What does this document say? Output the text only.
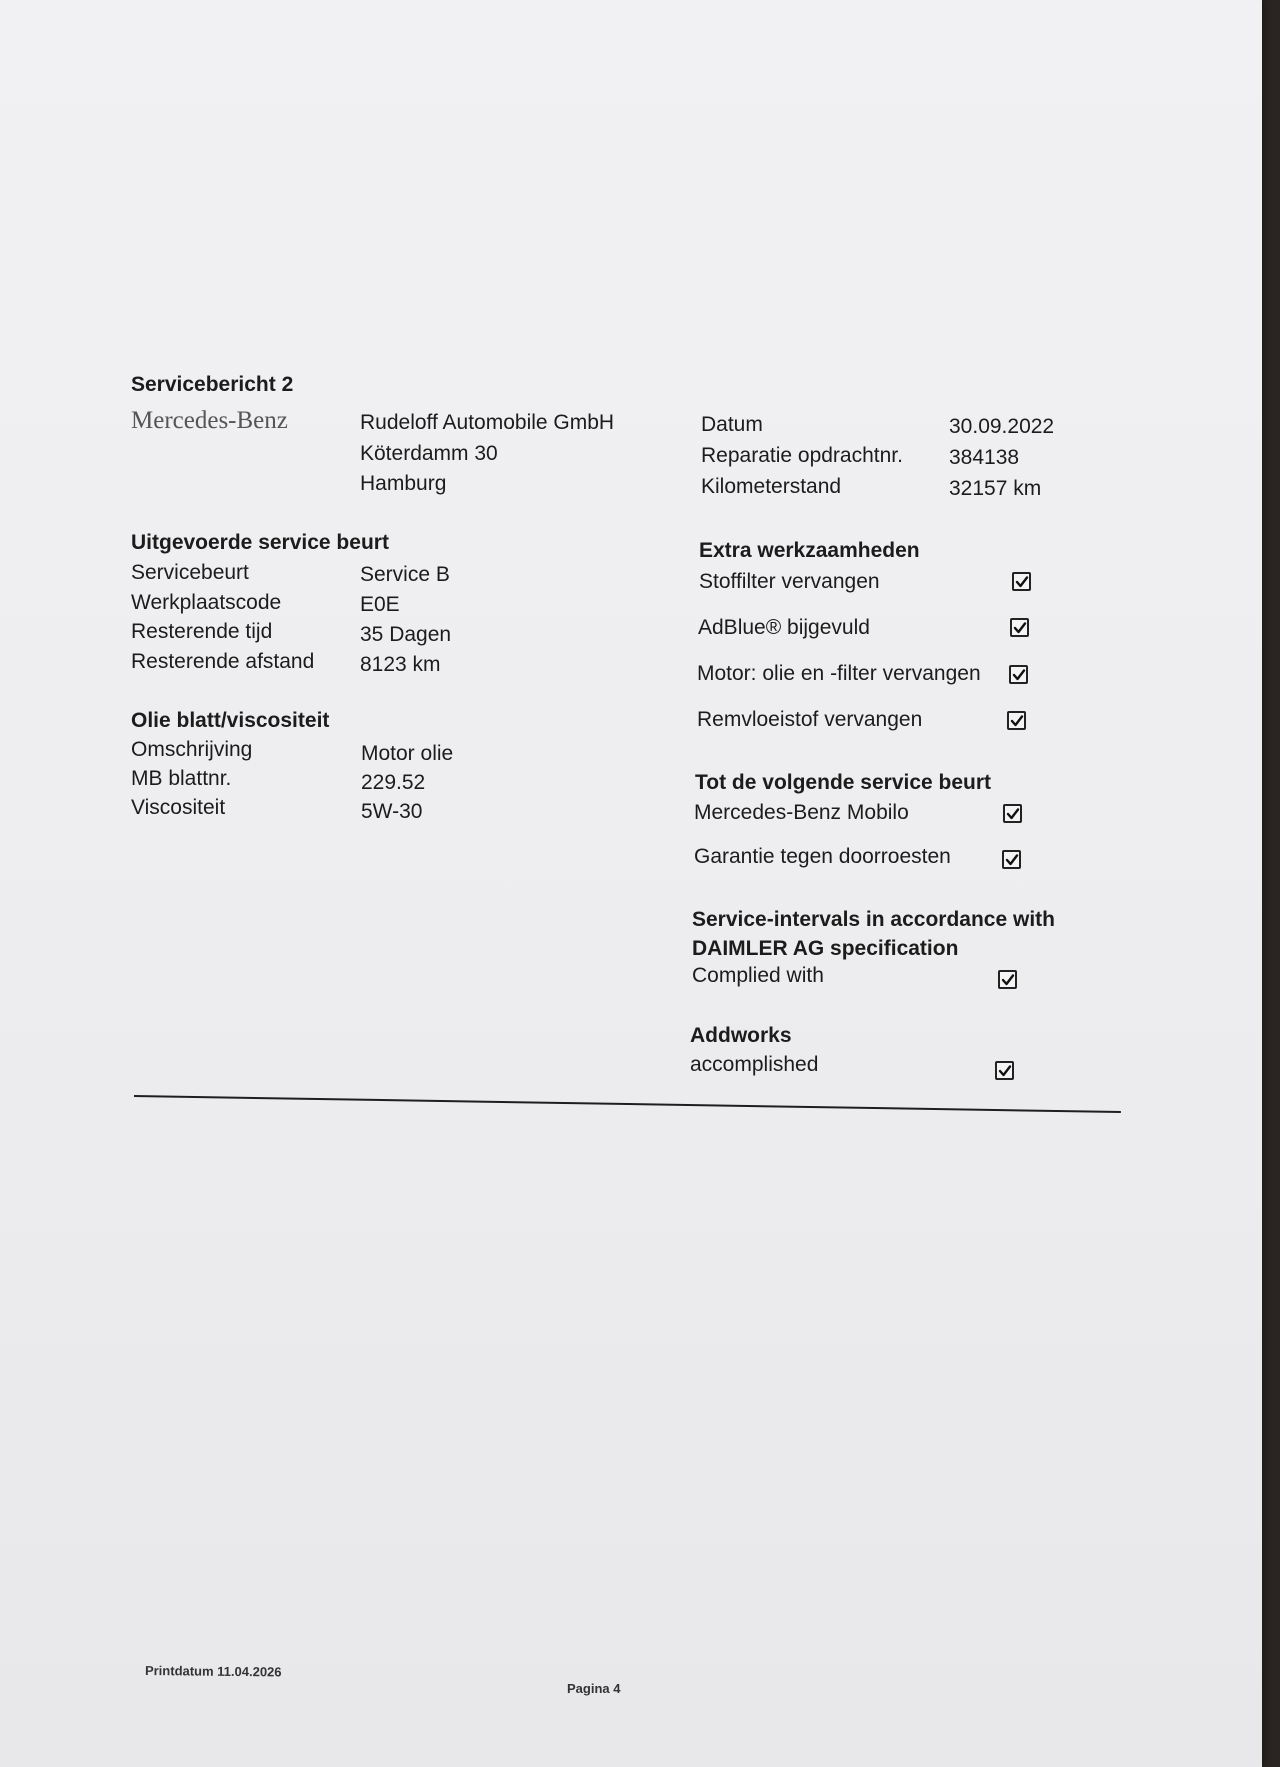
Serviceb​ericht 2
Mercedes-Benz	Rudeloff Automobile GmbH
Köterdamm 30
Hamburg
Datum	30.09.2022
Reparatie opdrachtnr. 384138
Kilometerstand	32157 km
Uitgevoerde service beurt
Servicebeurt	Service B
Werkplaatscode	E0E
Resterende tijd	35 Dagen
Resterende afstand 8123 km
Olie blatt/viscositeit
Omschrijving	Motor olie
MB blattnr.	229.52
Viscositeit	5W-30
Extra werkzaamheden
Stoffilter vervangen
AdBlue® bijgevuld
Motor: olie en -filter vervangen
Remvloeistof vervangen
Tot de volgende service beurt
Mercedes-Benz Mobilo
Garantie tegen doorroesten
Service-intervals in accordance with
DAIMLER AG specification
Complied with
Addworks
accomplished
Printdatum 11.04.2026
Pagina 4
